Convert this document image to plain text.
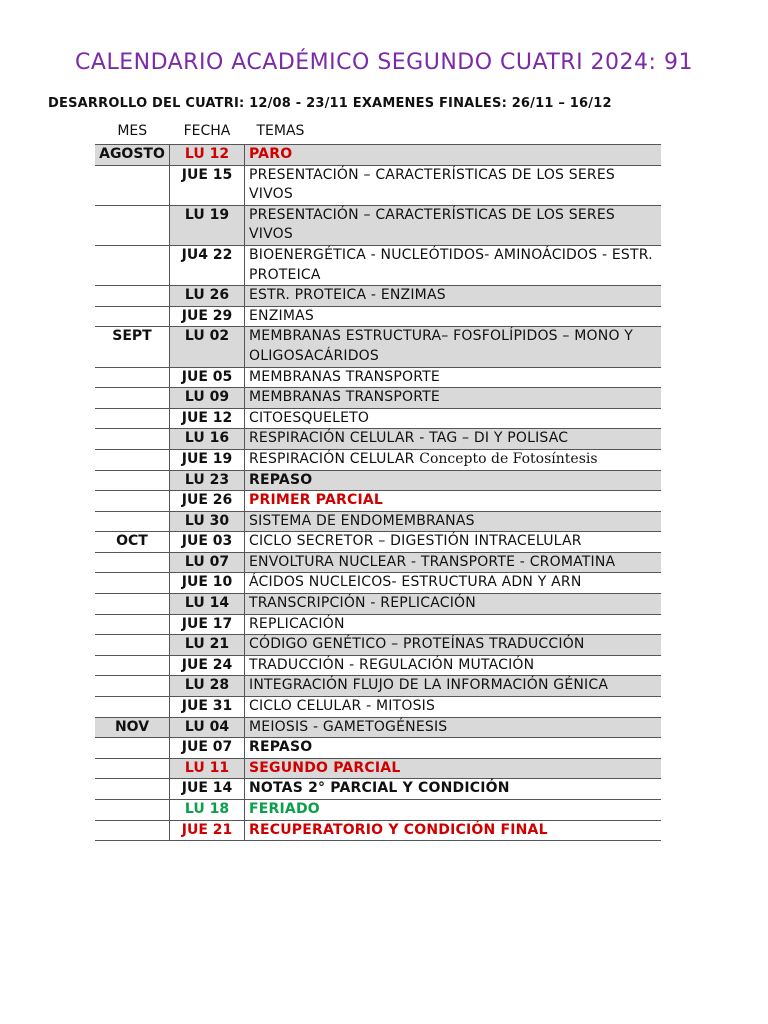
CALENDARIO ACADÉMICO SEGUNDO CUATRI 2024: 91
DESARROLLO DEL CUATRI: 12/08 - 23/11 EXAMENES FINALES: 26/11 – 16/12
MES	FECHA	TEMAS
AGOSTO	LU 12	PARO
	JUE 15	PRESENTACIÓN – CARACTERÍSTICAS DE LOS SERES VIVOS
	LU 19	PRESENTACIÓN – CARACTERÍSTICAS DE LOS SERES VIVOS
	JU4 22	BIOENERGÉTICA - NUCLEÓTIDOS- AMINOÁCIDOS - ESTR. PROTEICA
	LU 26	ESTR. PROTEICA - ENZIMAS
	JUE 29	ENZIMAS
SEPT	LU 02	MEMBRANAS ESTRUCTURA– FOSFOLÍPIDOS – MONO Y OLIGOSACÁRIDOS
	JUE 05	MEMBRANAS TRANSPORTE
	LU 09	MEMBRANAS TRANSPORTE
	JUE 12	CITOESQUELETO
	LU 16	RESPIRACIÓN CELULAR - TAG – DI Y POLISAC
	JUE 19	RESPIRACIÓN CELULAR Concepto de Fotosíntesis
	LU 23	REPASO
	JUE 26	PRIMER PARCIAL
	LU 30	SISTEMA DE ENDOMEMBRANAS
OCT	JUE 03	CICLO SECRETOR – DIGESTIÓN INTRACELULAR
	LU 07	ENVOLTURA NUCLEAR - TRANSPORTE - CROMATINA
	JUE 10	ÁCIDOS NUCLEICOS- ESTRUCTURA ADN Y ARN
	LU 14	TRANSCRIPCIÓN - REPLICACIÓN
	JUE 17	REPLICACIÓN
	LU 21	CÓDIGO GENÉTICO – PROTEÍNAS TRADUCCIÓN
	JUE 24	TRADUCCIÓN - REGULACIÓN MUTACIÓN
	LU 28	INTEGRACIÓN FLUJO DE LA INFORMACIÓN GÉNICA
	JUE 31	CICLO CELULAR - MITOSIS
NOV	LU 04	MEIOSIS - GAMETOGÉNESIS
	JUE 07	REPASO
	LU 11	SEGUNDO PARCIAL
	JUE 14	NOTAS 2° PARCIAL Y CONDICIÓN
	LU 18	FERIADO
	JUE 21	RECUPERATORIO Y CONDICIÓN FINAL
